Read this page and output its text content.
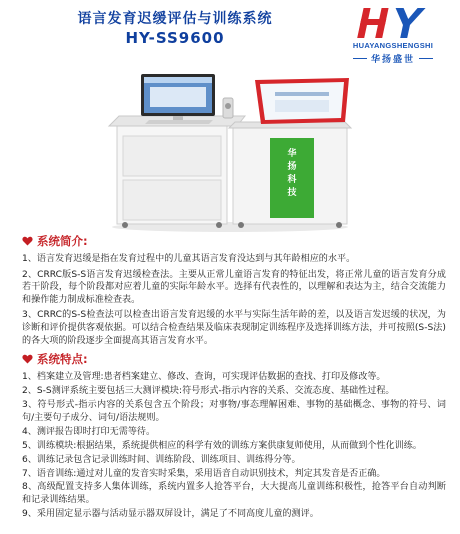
语言发育迟缓评估与训练系统
HY-SS9600	HUAYANGSHENGSHI
华扬盛世
华
扬
科
技
系统简介:

1、语言发育迟缓是指在发育过程中的儿童其语言发育没达到与其年龄相应的水平。

2、CRRC版S-S语言发育迟缓检查法。主要从正常儿童语言发育的特征出发，将正常儿童的语言发育分成若干阶段，每个阶段都对应着儿童的实际年龄水平。选择有代表性的，以理解和表达为主，结合交流能力和操作能力制成标准检查表。

3、CRRC的S-S检查法可以检查出语言发育迟缓的水平与实际生活年龄的差，以及语言发迟缓的状况，为诊断和评价提供客观依据。可以结合检查结果及临床表现制定训练程序及选择训练方法，并可按照(S-S法)的各大项的阶段逐步全面提高其语言发育水平。

系统特点:

1、档案建立及管理:患者档案建立、修改、查询，可实现评估数据的查找、打印及修改等。

2、S-S测评系统主要包括三大测评模块:符号形式-指示内容的关系、交流态度、基础性过程。

3、符号形式-指示内容的关系包含五个阶段；对事物/事态理解困难、事物的基础概念、事物的符号、词句/主要句子成分、词句/语法规则。

4、测评报告即时打印无需等待。

5、训练模块:根据结果，系统提供相应的科学有效的训练方案供康复师使用，从而做到个性化训练。

6、训练记录包含记录训练时间、训练阶段、训练项目、训练得分等。

7、语音训练:通过对儿童的发音实时采集，采用语音自动识别技术，判定其发音是否正确。

8、高级配置支持多人集体训练，系统内置多人抢答平台，大大提高儿童训练积极性，抢答平台自动判断和记录训练结果。

9、采用固定显示器与活动显示器双屏设计，满足了不同高度儿童的测评。
